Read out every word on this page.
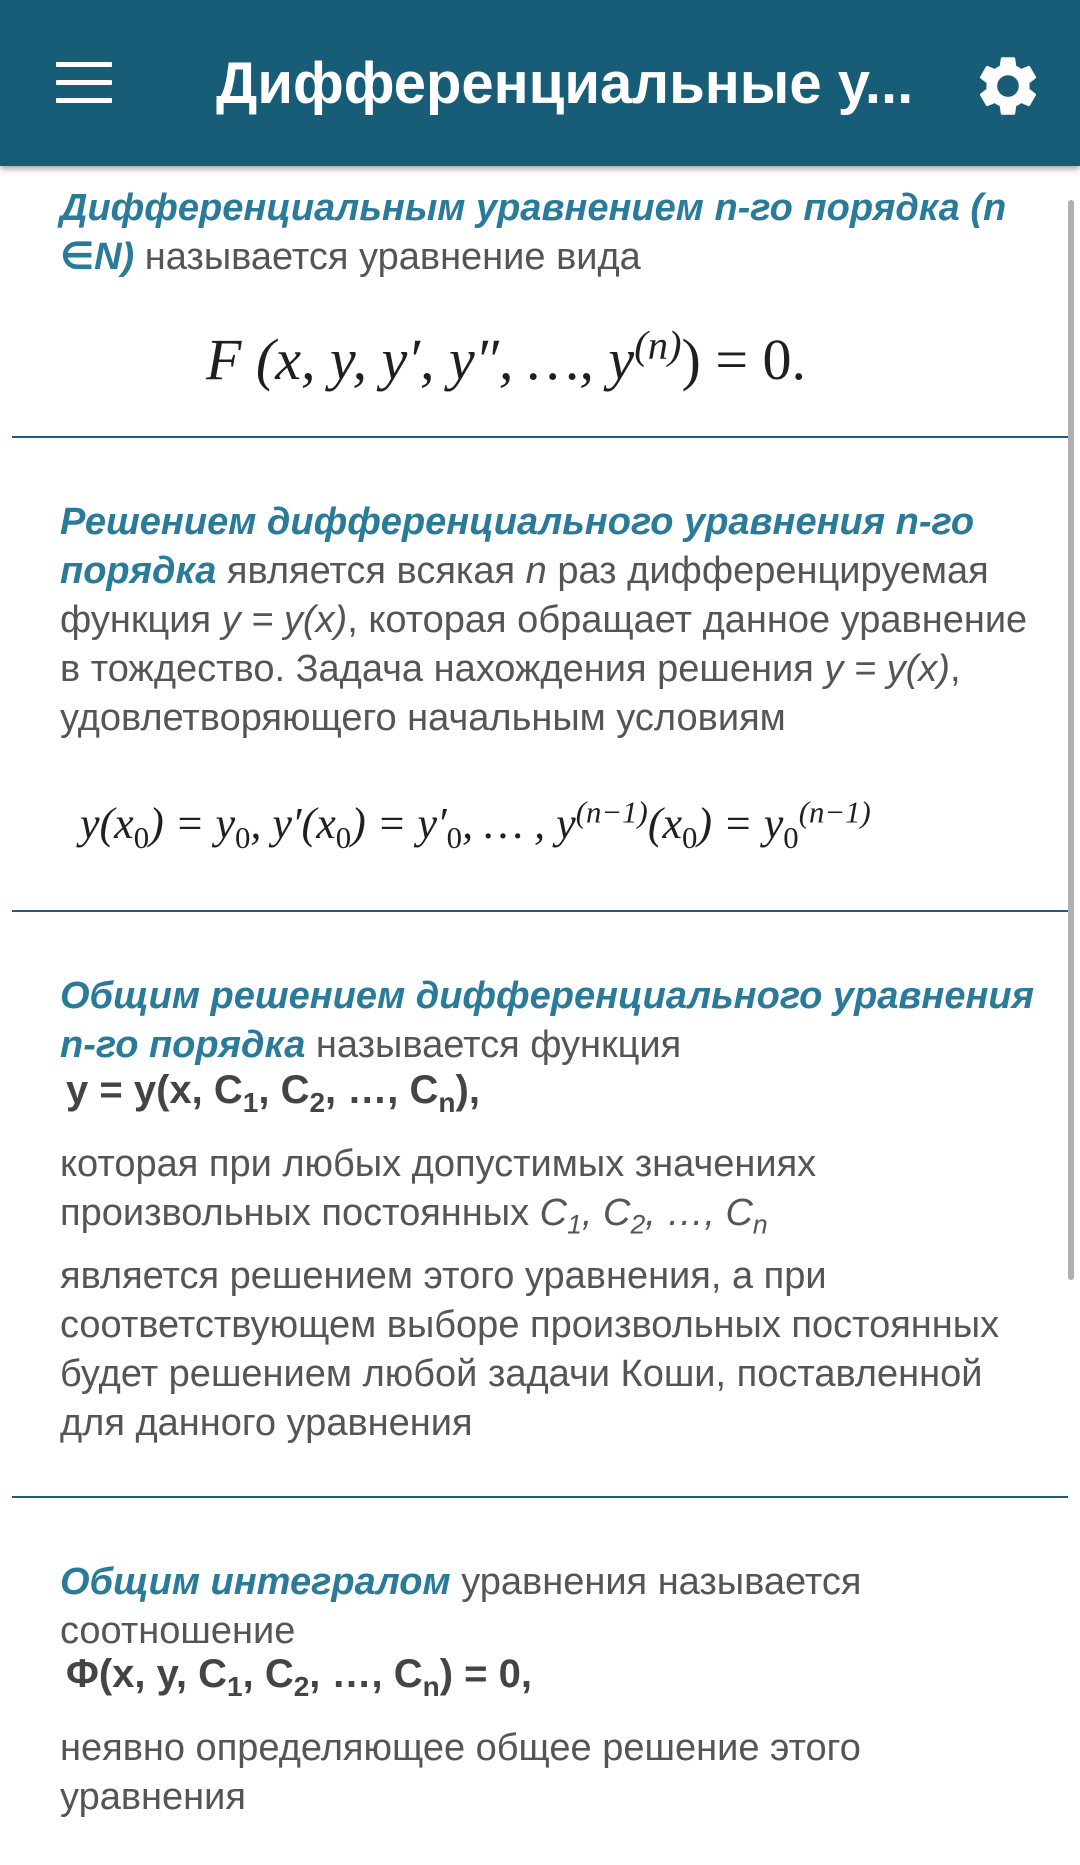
Дифференциальные у...
Дифференциальным уравнением n-го порядка (n ∈N) называется уравнение вида
F (x, y, y′, y″, …, $y^{(n)}) = 0$.
Решением дифференциального уравнения n-го порядка является всякая n раз дифференцируемая функция y = y(x), которая обращает данное уравнение в тождество. Задача нахождения решения y = y(x), удовлетворяющего начальным условиям
$y(x_0) = y_0$, $y'(x_0) = y'_0$, … , $y^{(n-1)}(x_0) = y_0^{(n-1)}$
Общим решением дифференциального уравнения n-го порядка называется функция
y = y(x, $C_1$, $C_2$, …, $C_n$),
которая при любых допустимых значениях произвольных постоянных $C_1$, $C_2$, …, $C_n$
является решением этого уравнения, а при соответствующем выборе произвольных постоянных будет решением любой задачи Коши, поставленной для данного уравнения
Общим интегралом уравнения называется соотношение
Φ(x, y, $C_1$, $C_2$, …, $C_n) = 0$,
неявно определяющее общее решение этого уравнения
